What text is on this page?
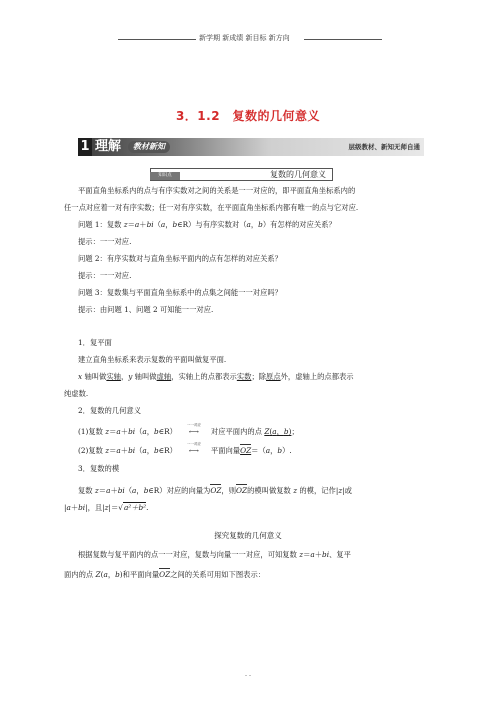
新学期 新成绩 新目标 新方向
3．1.2　复数的几何意义
1 理解	教材新知	层级教材、新知无师自通
复数的几何意义
知识点
平面直角坐标系内的点与有序实数对之间的关系是一一对应的，即平面直角坐标系内的
任一点对应着一对有序实数；任一对有序实数，在平面直角坐标系内都有唯一的点与它对应.
问题 1：复数 z＝a＋bi（a，b∈R）与有序实数对（a，b）有怎样的对应关系？
提示：一一对应.
问题 2：有序实数对与直角坐标平面内的点有怎样的对应关系？
提示：一一对应.
问题 3：复数集与平面直角坐标系中的点集之间能一一对应吗？
提示：由问题 1、问题 2 可知能一一对应.
1．复平面
建立直角坐标系来表示复数的平面叫做复平面.
x 轴叫做实轴，y 轴叫做虚轴，实轴上的点都表示实数；除原点外，虚轴上的点都表示
纯虚数.
2．复数的几何意义
(1)复数 z＝a＋bi（a，b∈R）
一一对应
⟷ 对应平面内的点 Z(a，b)；
(2)复数 z＝a＋bi（a，b∈R）
一一对应
⟷ 平面向量OZ＝（a，b）.
3．复数的模
复数 z＝a＋bi（a，b∈R）对应的向量为OZ，则OZ的模叫做复数 z 的模，记作|z|或
|a＋bi|，且|z|＝√a²＋b².
探究复数的几何意义
根据复数与复平面内的点一一对应，复数与向量一一对应，可知复数 z＝a＋bi、复平
面内的点 Z(a，b)和平面向量OZ之间的关系可用如下图表示：
- -
